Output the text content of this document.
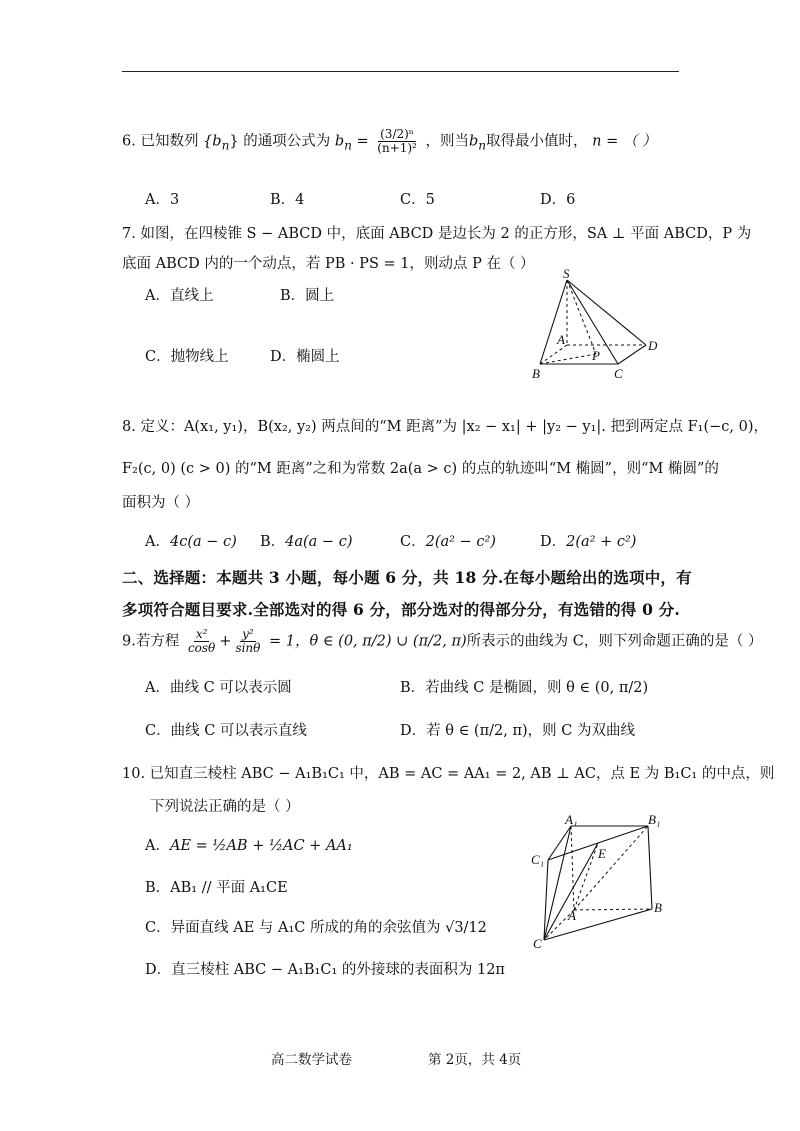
6. 已知数列 $\{b_n\}$ 的通项公式为 $b_n = \frac{\text{(3/2)ⁿ}}{\text{(n+1)²}}$ ，则当$b_n$取得最小值时， n = （ ）
A．3	B．4	C．5	D．6
7. 如图，在四棱锥 S − ABCD 中，底面 ABCD 是边长为 2 的正方形，SA ⊥ 平面 ABCD，P 为
底面 ABCD 内的一个动点，若 PB · PS = 1，则动点 P 在（ ）
A．直线上	B．圆上
C．抛物线上	D．椭圆上
S
A
B	C
D
P
8. 定义：A(x₁, y₁)，B(x₂, y₂) 两点间的“M 距离”为 |x₂ − x₁| + |y₂ − y₁|. 把到两定点 F₁(−c, 0)，
F₂(c, 0) (c > 0) 的“M 距离”之和为常数 2a(a > c) 的点的轨迹叫“M 椭圆”，则“M 椭圆”的
面积为（ ）
A．4c(a − c) B．4a(a − c)	C．2(a² − c²)	D．2(a² + c²)
二、选择题：本题共 3 小题，每小题 6 分，共 18 分.在每小题给出的选项中，有
多项符合题目要求.全部选对的得 6 分，部分选对的得部分分，有选错的得 0 分.
9.若方程 $\frac{\text{x²}}{\cos\theta} + \frac{\text{y²}}{\sin\theta} = 1$，θ ∈ (0, π/2) ∪ (π/2, π)所表示的曲线为 C，则下列命题正确的是（ ）
A．曲线 C 可以表示圆	B．若曲线 C 是椭圆，则 θ ∈ (0, π/2)
C．曲线 C 可以表示直线	D．若 θ ∈ (π/2, π)，则 C 为双曲线
10. 已知直三棱柱 ABC − A₁B₁C₁ 中，AB = AC = AA₁ = 2, AB ⊥ AC，点 E 为 B₁C₁ 的中点，则
下列说法正确的是（ ）
A．AE = ½AB + ½AC + AA₁
B．AB₁ // 平面 A₁CE
C．异面直线 AE 与 A₁C 所成的角的余弦值为 √3/12
D．直三棱柱 ABC − A₁B₁C₁ 的外接球的表面积为 12π
A₁	B₁
C₁	E
A
B
C
高二数学试卷	第 2页，共 4页
